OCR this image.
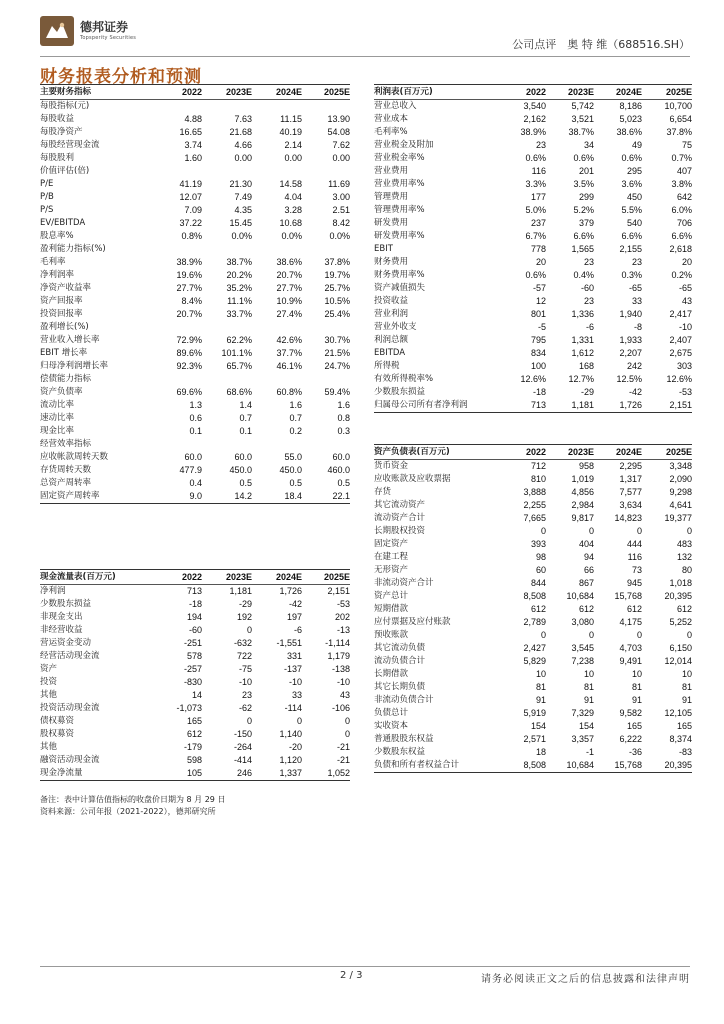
德邦证券
Topsperity Securities	公司点评　奥 特 维（688516.SH）
财务报表分析和预测
主要财务指标	2022	2023E	2024E	2025E
每股指标(元)				
每股收益	4.88	7.63	11.15	13.90
每股净资产	16.65	21.68	40.19	54.08
每股经营现金流	3.74	4.66	2.14	7.62
每股股利	1.60	0.00	0.00	0.00
价值评估(倍)				
P/E	41.19	21.30	14.58	11.69
P/B	12.07	7.49	4.04	3.00
P/S	7.09	4.35	3.28	2.51
EV/EBITDA	37.22	15.45	10.68	8.42
股息率%	0.8%	0.0%	0.0%	0.0%
盈利能力指标(%)				
毛利率	38.9%	38.7%	38.6%	37.8%
净利润率	19.6%	20.2%	20.7%	19.7%
净资产收益率	27.7%	35.2%	27.7%	25.7%
资产回报率	8.4%	11.1%	10.9%	10.5%
投资回报率	20.7%	33.7%	27.4%	25.4%
盈利增长(%)				
营业收入增长率	72.9%	62.2%	42.6%	30.7%
EBIT 增长率	89.6%	101.1%	37.7%	21.5%
归母净利润增长率	92.3%	65.7%	46.1%	24.7%
偿债能力指标				
资产负债率	69.6%	68.6%	60.8%	59.4%
流动比率	1.3	1.4	1.6	1.6
速动比率	0.6	0.7	0.7	0.8
现金比率	0.1	0.1	0.2	0.3
经营效率指标				
应收帐款周转天数	60.0	60.0	55.0	60.0
存货周转天数	477.9	450.0	450.0	460.0
总资产周转率	0.4	0.5	0.5	0.5
固定资产周转率	9.0	14.2	18.4	22.1
现金流量表(百万元)	2022	2023E	2024E	2025E
净利润	713	1,181	1,726	2,151
少数股东损益	-18	-29	-42	-53
非现金支出	194	192	197	202
非经营收益	-60	0	-6	-13
营运资金变动	-251	-632	-1,551	-1,114
经营活动现金流	578	722	331	1,179
资产	-257	-75	-137	-138
投资	-830	-10	-10	-10
其他	14	23	33	43
投资活动现金流	-1,073	-62	-114	-106
债权募资	165	0	0	0
股权募资	612	-150	1,140	0
其他	-179	-264	-20	-21
融资活动现金流	598	-414	1,120	-21
现金净流量	105	246	1,337	1,052
利润表(百万元)	2022	2023E	2024E	2025E
营业总收入	3,540	5,742	8,186	10,700
营业成本	2,162	3,521	5,023	6,654
毛利率%	38.9%	38.7%	38.6%	37.8%
营业税金及附加	23	34	49	75
营业税金率%	0.6%	0.6%	0.6%	0.7%
营业费用	116	201	295	407
营业费用率%	3.3%	3.5%	3.6%	3.8%
管理费用	177	299	450	642
管理费用率%	5.0%	5.2%	5.5%	6.0%
研发费用	237	379	540	706
研发费用率%	6.7%	6.6%	6.6%	6.6%
EBIT	778	1,565	2,155	2,618
财务费用	20	23	23	20
财务费用率%	0.6%	0.4%	0.3%	0.2%
资产减值损失	-57	-60	-65	-65
投资收益	12	23	33	43
营业利润	801	1,336	1,940	2,417
营业外收支	-5	-6	-8	-10
利润总额	795	1,331	1,933	2,407
EBITDA	834	1,612	2,207	2,675
所得税	100	168	242	303
有效所得税率%	12.6%	12.7%	12.5%	12.6%
少数股东损益	-18	-29	-42	-53
归属母公司所有者净利润	713	1,181	1,726	2,151
资产负债表(百万元)	2022	2023E	2024E	2025E
货币资金	712	958	2,295	3,348
应收账款及应收票据	810	1,019	1,317	2,090
存货	3,888	4,856	7,577	9,298
其它流动资产	2,255	2,984	3,634	4,641
流动资产合计	7,665	9,817	14,823	19,377
长期股权投资	0	0	0	0
固定资产	393	404	444	483
在建工程	98	94	116	132
无形资产	60	66	73	80
非流动资产合计	844	867	945	1,018
资产总计	8,508	10,684	15,768	20,395
短期借款	612	612	612	612
应付票据及应付账款	2,789	3,080	4,175	5,252
预收账款	0	0	0	0
其它流动负债	2,427	3,545	4,703	6,150
流动负债合计	5,829	7,238	9,491	12,014
长期借款	10	10	10	10
其它长期负债	81	81	81	81
非流动负债合计	91	91	91	91
负债总计	5,919	7,329	9,582	12,105
实收资本	154	154	165	165
普通股股东权益	2,571	3,357	6,222	8,374
少数股东权益	18	-1	-36	-83
负债和所有者权益合计	8,508	10,684	15,768	20,395
备注：表中计算估值指标的收盘价日期为 8 月 29 日
资料来源：公司年报（2021-2022），德邦研究所
2 / 3	请务必阅读正文之后的信息披露和法律声明
